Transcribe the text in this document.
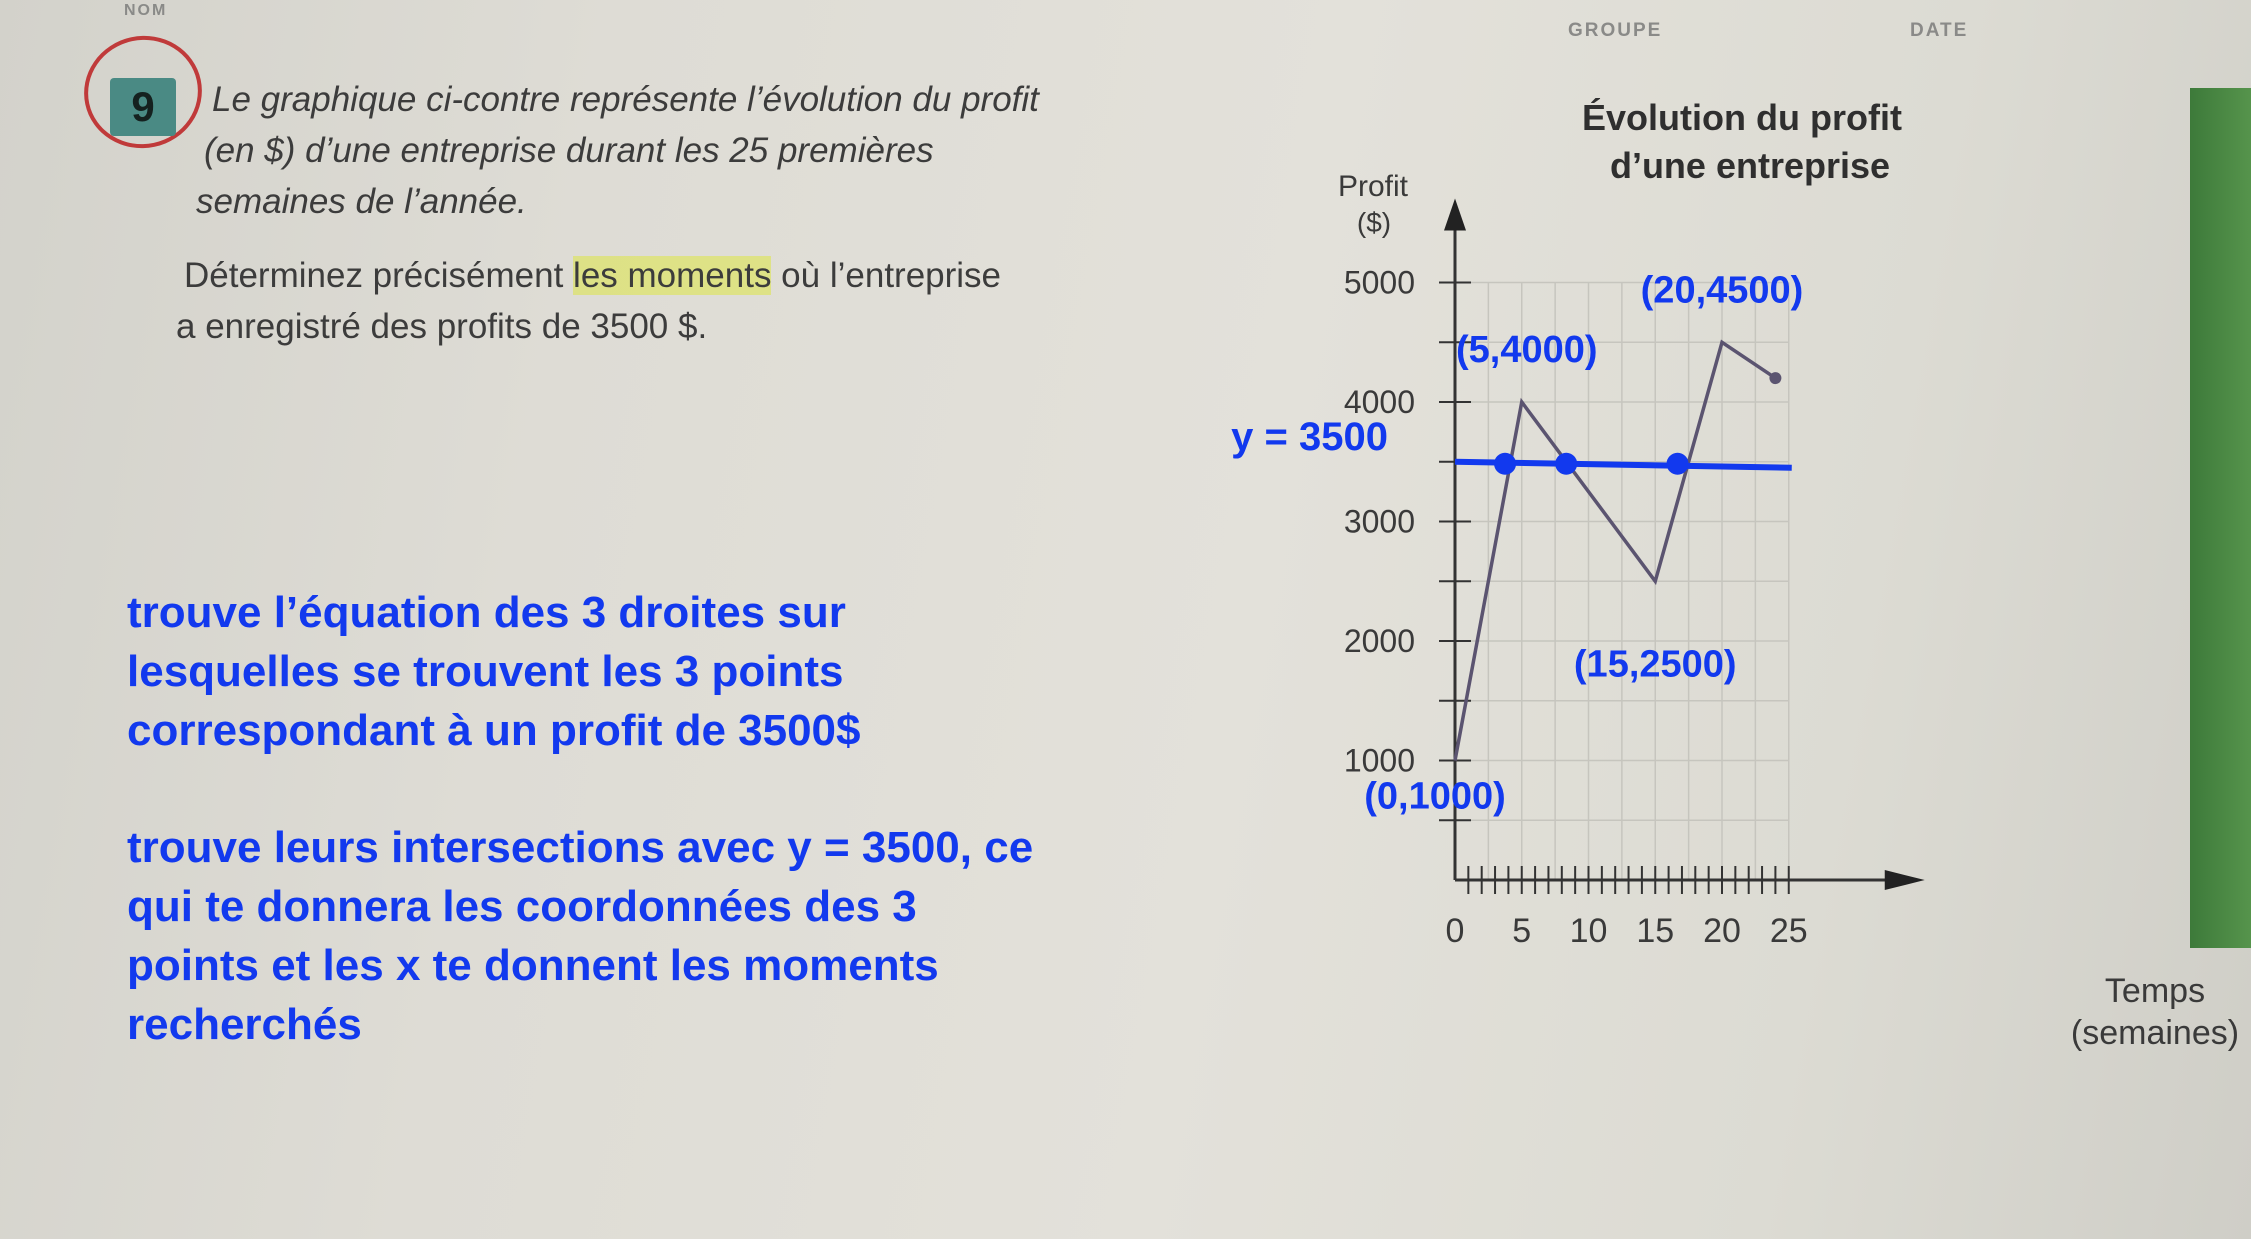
NOM
GROUPE	DATE
9	Le graphique ci-contre représente l’évolution du profit
(en $) d’une entreprise durant les 25 premières
semaines de l’année.
Déterminez précisément les moments où l’entreprise
a enregistré des profits de 3500 $.
trouve l’équation des 3 droites sur
lesquelles se trouvent les 3 points
correspondant à un profit de 3500$
trouve leurs intersections avec y = 3500, ce
qui te donnera les coordonnées des 3
points et les x te donnent les moments
recherchés
0 5 10 15 20 25
1000
2000
3000
4000
5000
(0,1000)
(5,4000)
(15,2500)
(20,4500)
Évolution du profit
d’une entreprise
Profit
($)
Temps
(semaines)
y = 3500
